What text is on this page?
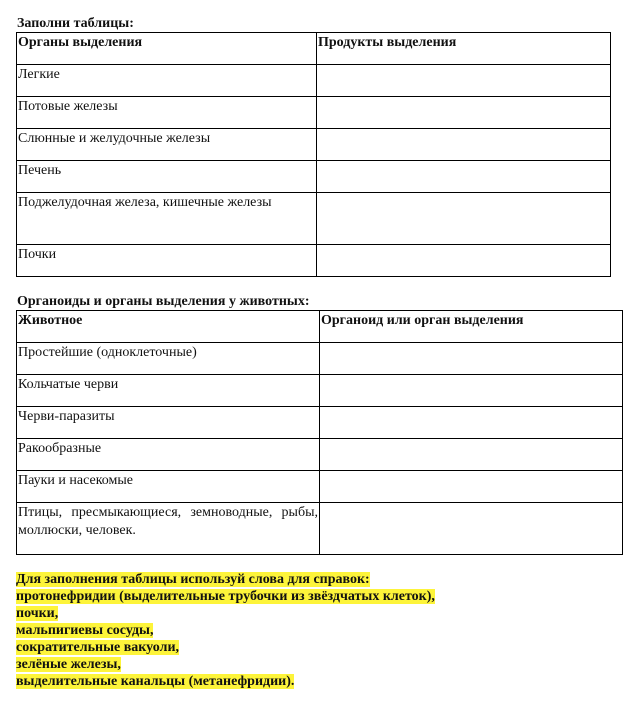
Заполни таблицы:
Органы выделения	Продукты выделения
Легкие	
Потовые железы	
Слюнные и желудочные железы	
Печень	
Поджелудочная железа, кишечные железы	
Почки	
Органоиды и органы выделения у животных:
Животное	Органоид или орган выделения
Простейшие (одноклеточные)	
Кольчатые черви	
Черви-паразиты	
Ракообразные	
Пауки и насекомые	
Птицы, пресмыкающиеся, земноводные, рыбы, моллюски, человек.	
Для заполнения таблицы используй слова для справок:
протонефридии (выделительные трубочки из звёздчатых клеток),
почки,
мальпигиевы сосуды,
сократительные вакуоли,
зелёные железы,
выделительные канальцы (метанефридии).
